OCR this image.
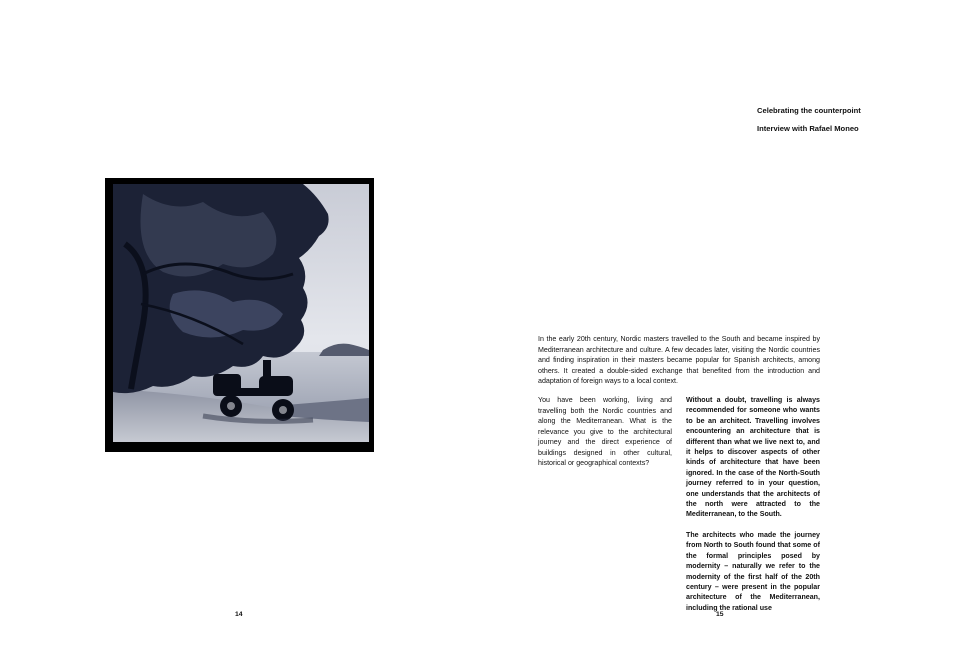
Celebrating the counterpoint
Interview with Rafael Moneo
In the early 20th century, Nordic masters travelled to the South and became inspired by Mediterranean architecture and culture. A few decades later, visiting the Nordic countries and finding inspiration in their masters became popular for Spanish architects, among others. It created a double-sided exchange that benefited from the introduction and adaptation of foreign ways to a local context.
You have been working, living and travelling both the Nordic countries and along the Mediterranean. What is the relevance you give to the architectural journey and the direct experience of buildings designed in other cultural, historical or geographical contexts?

Without a doubt, travelling is always recommended for someone who wants to be an architect. Travelling involves encountering an architecture that is different than what we live next to, and it helps to discover aspects of other kinds of architecture that have been ignored. In the case of the North-South journey referred to in your question, one understands that the architects of the north were attracted to the Mediterranean, to the South.

The architects who made the journey from North to South found that some of the formal principles posed by modernity – naturally we refer to the modernity of the first half of the 20th century – were present in the popular architecture of the Mediterranean, including the rational use

14	15
